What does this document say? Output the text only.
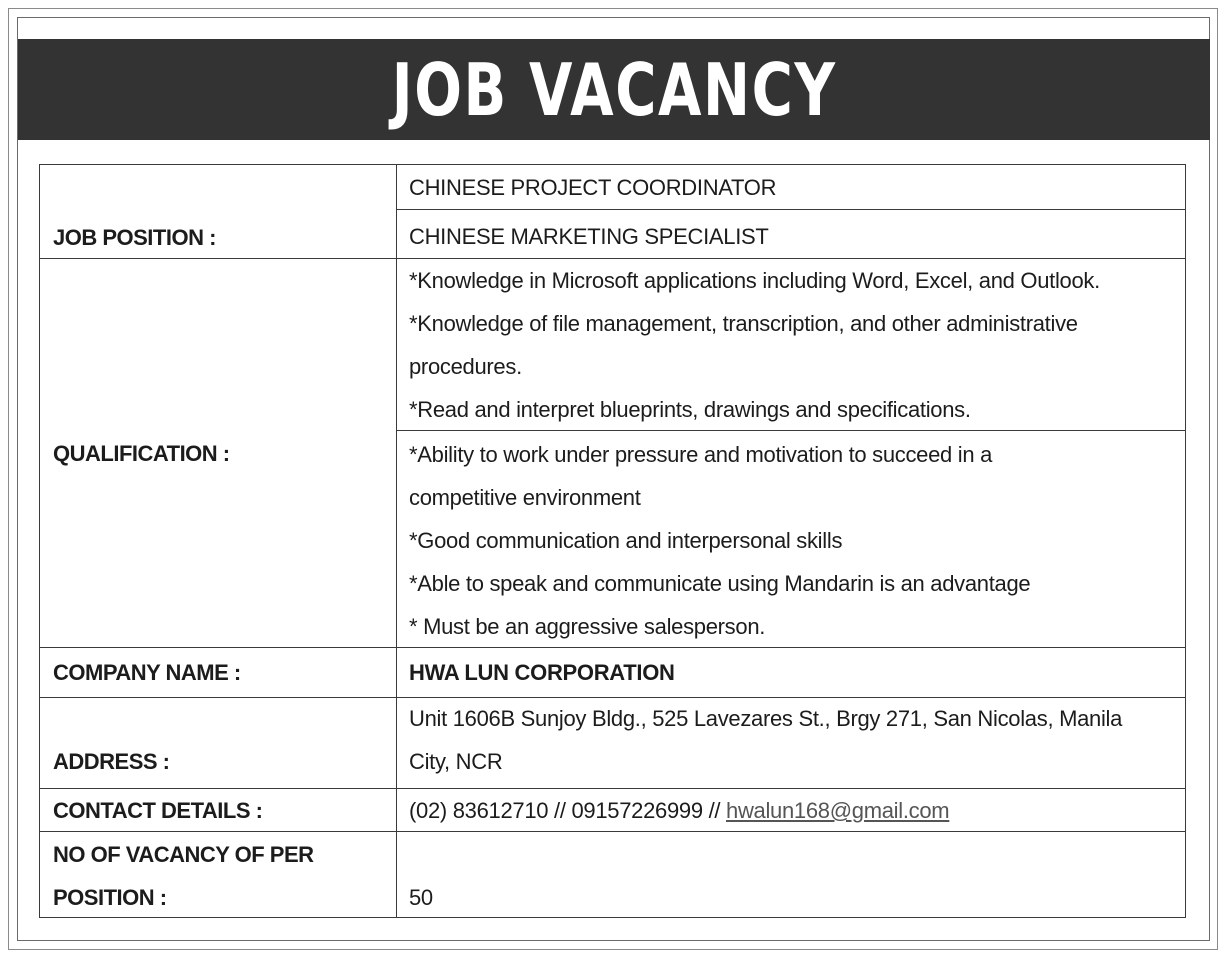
JOB VACANCY
JOB POSITION :
CHINESE PROJECT COORDINATOR
CHINESE MARKETING SPECIALIST
QUALIFICATION :
*Knowledge in Microsoft applications including Word, Excel, and Outlook.
*Knowledge of file management, transcription, and other administrative
procedures.
*Read and interpret blueprints, drawings and specifications.
*Ability to work under pressure and motivation to succeed in a
competitive environment
*Good communication and interpersonal skills
*Able to speak and communicate using Mandarin is an advantage
* Must be an aggressive salesperson.
COMPANY NAME :	HWA LUN CORPORATION
ADDRESS :
Unit 1606B Sunjoy Bldg., 525 Lavezares St., Brgy 271, San Nicolas, Manila
City, NCR
CONTACT DETAILS :	(02) 83612710 // 09157226999 // hwalun168@gmail.com
NO OF VACANCY OF PER
POSITION :	50
